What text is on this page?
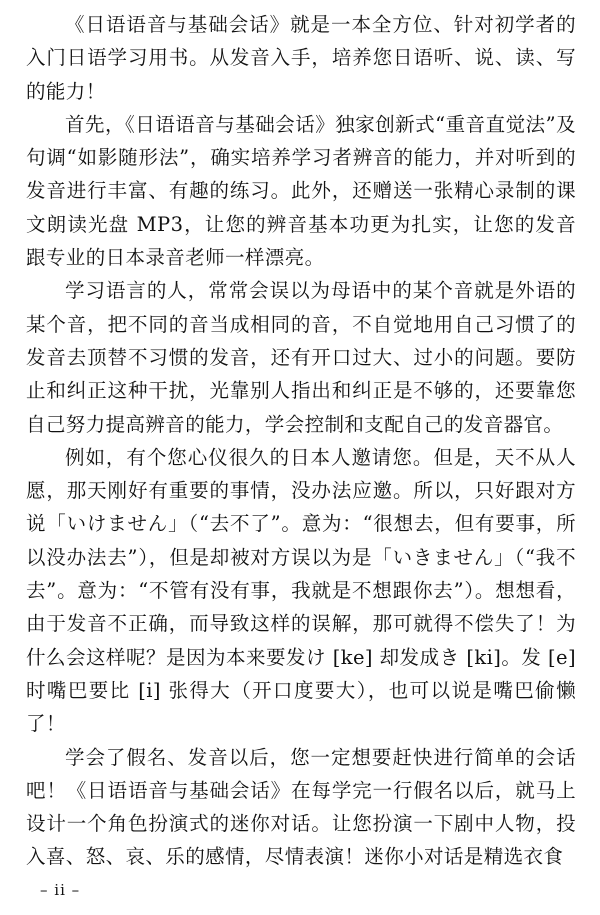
《日语语音与基础会话》就是一本全方位、针对初学者的入门日语学习用书。从发音入手，培养您日语听、说、读、写的能力！

首先，《日语语音与基础会话》独家创新式“重音直觉法”及句调“如影随形法”，确实培养学习者辨音的能力，并对听到的发音进行丰富、有趣的练习。此外，还赠送一张精心录制的课文朗读光盘 MP3，让您的辨音基本功更为扎实，让您的发音跟专业的日本录音老师一样漂亮。

学习语言的人，常常会误以为母语中的某个音就是外语的某个音，把不同的音当成相同的音，不自觉地用自己习惯了的发音去顶替不习惯的发音，还有开口过大、过小的问题。要防止和纠正这种干扰，光靠别人指出和纠正是不够的，还要靠您自己努力提高辨音的能力，学会控制和支配自己的发音器官。

例如，有个您心仪很久的日本人邀请您。但是，天不从人愿，那天刚好有重要的事情，没办法应邀。所以，只好跟对方说「いけません」（“去不了”。意为：“很想去，但有要事，所以没办法去”），但是却被对方误以为是「いきません」（“我不去”。意为：“不管有没有事，我就是不想跟你去”）。想想看，由于发音不正确，而导致这样的误解，那可就得不偿失了！为什么会这样呢？是因为本来要发け [ke] 却发成き [ki]。发 [e] 时嘴巴要比 [i] 张得大（开口度要大），也可以说是嘴巴偷懒了！

学会了假名、发音以后，您一定想要赶快进行简单的会话吧！《日语语音与基础会话》在每学完一行假名以后，就马上设计一个角色扮演式的迷你对话。让您扮演一下剧中人物，投入喜、怒、哀、乐的感情，尽情表演！迷你小对话是精选衣食

– ii –
